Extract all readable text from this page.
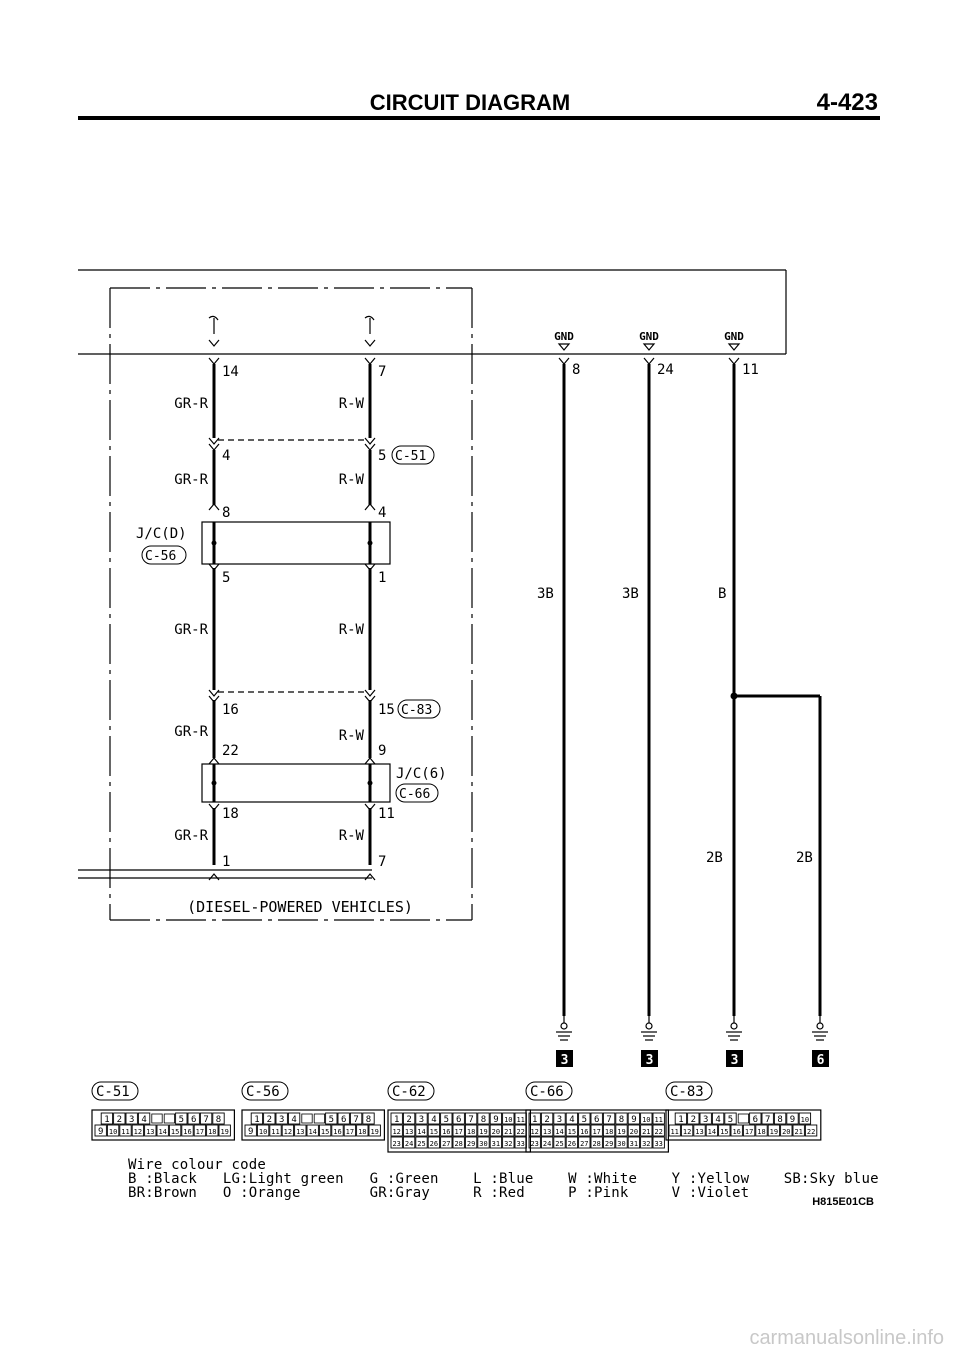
CIRCUIT DIAGRAM	4-423
14	7
4	5
8	4
5	1
16	15
22	9
18	11
1	7
GR-R	R-W
GR-R	R-W
GR-R	R-W
GR-R	R-W
GR-R	R-W
J/C(D)
C-56
C-51
C-83
J/C(6)
C-66
(DIESEL-POWERED VEHICLES)
GND	GND	GND
8	24	11
3B	3B	B
2B	2B
3	3	3	6
C-51
1 2 3 4	5 6 7 8
9 10 11 12 13 14 15 16 17 18 19
C-56
1 2 3 4	5 6 7 8
9 10 11 12 13 14 15 16 17 18 19
C-62
1 2 3 4 5 6 7 8 9 10 11
12 13 14 15 16 17 18 19 20 21 22
23 24 25 26 27 28 29 30 31 32 33
C-66
1 2 3 4 5 6 7 8 9 10 11
12 13 14 15 16 17 18 19 20 21 22
23 24 25 26 27 28 29 30 31 32 33
C-83
1 2 3 4 5 6 7 8 9 10
11 12 13 14 15 16 17 18 19 20 21 22
Wire colour code
B :Black   LG:Light green   G :Green    L :Blue    W :White    Y :Yellow    SB:Sky blue
BR:Brown   O :Orange        GR:Gray     R :Red     P :Pink     V :Violet
H815E01CB
carmanualsonline.info
